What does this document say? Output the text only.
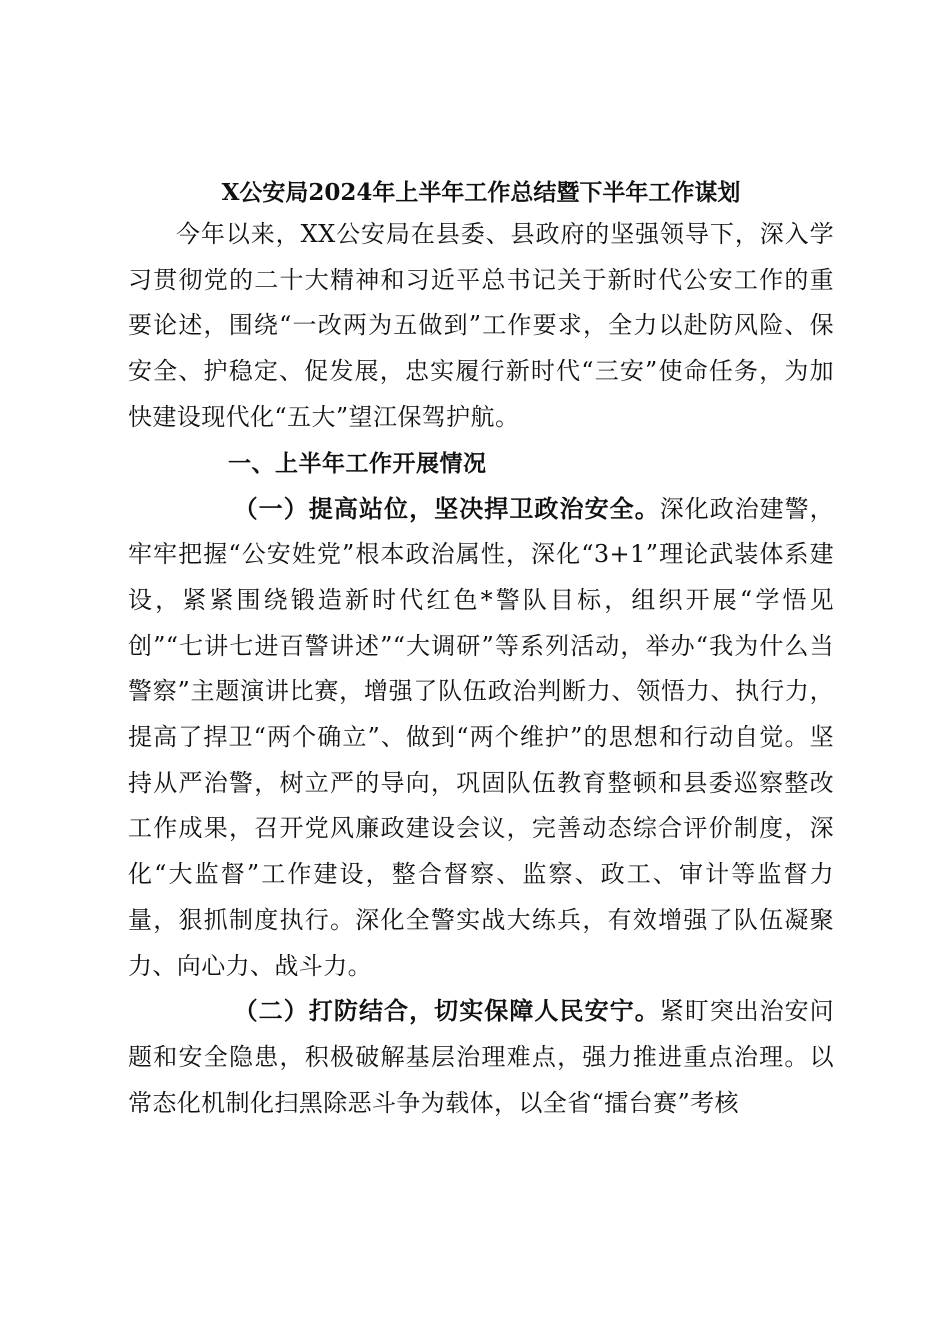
X公安局2024年上半年工作总结暨下半年工作谋划

今年以来，XX公安局在县委、县政府的坚强领导下，深入学习贯彻党的二十大精神和习近平总书记关于新时代公安工作的重要论述，围绕“一改两为五做到”工作要求，全力以赴防风险、保安全、护稳定、促发展，忠实履行新时代“三安”使命任务，为加快建设现代化“五大”望江保驾护航。

一、上半年工作开展情况

（一）提高站位，坚决捍卫政治安全。深化政治建警，牢牢把握“公安姓党”根本政治属性，深化“3+1”理论武装体系建设，紧紧围绕锻造新时代红色*警队目标，组织开展“学悟见创”“七讲七进百警讲述”“大调研”等系列活动，举办“我为什么当警察”主题演讲比赛，增强了队伍政治判断力、领悟力、执行力，提高了捍卫“两个确立”、做到“两个维护”的思想和行动自觉。坚持从严治警，树立严的导向，巩固队伍教育整顿和县委巡察整改工作成果，召开党风廉政建设会议，完善动态综合评价制度，深化“大监督”工作建设，整合督察、监察、政工、审计等监督力量，狠抓制度执行。深化全警实战大练兵，有效增强了队伍凝聚力、向心力、战斗力。

（二）打防结合，切实保障人民安宁。紧盯突出治安问题和安全隐患，积极破解基层治理难点，强力推进重点治理。以常态化机制化扫黑除恶斗争为载体，以全省“擂台赛”考核
